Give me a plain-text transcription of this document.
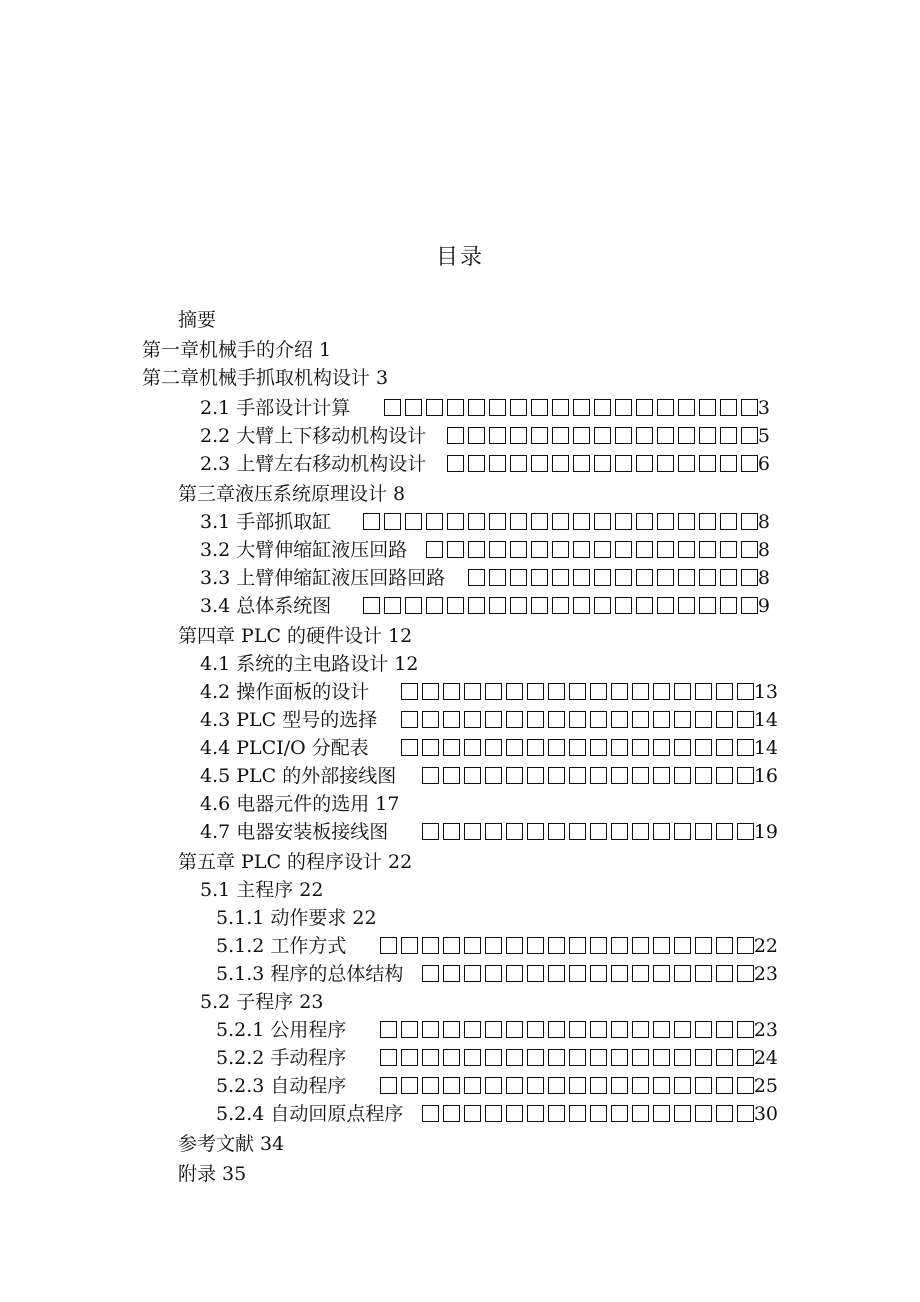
目录
摘要
第一章机械手的介绍 1
第二章机械手抓取机构设计 3
2.1 手部设计计算	3
2.2 大臂上下移动机构设计	5
2.3 上臂左右移动机构设计	6
第三章液压系统原理设计 8
3.1 手部抓取缸	8
3.2 大臂伸缩缸液压回路	8
3.3 上臂伸缩缸液压回路回路	8
3.4 总体系统图	9
第四章 PLC 的硬件设计 12
4.1 系统的主电路设计 12
4.2 操作面板的设计	13
4.3 PLC 型号的选择	14
4.4 PLCI/O 分配表	14
4.5 PLC 的外部接线图	16
4.6 电器元件的选用 17
4.7 电器安装板接线图	19
第五章 PLC 的程序设计 22
5.1 主程序 22
5.1.1 动作要求 22
5.1.2 工作方式	22
5.1.3 程序的总体结构	23
5.2 子程序 23
5.2.1 公用程序	23
5.2.2 手动程序	24
5.2.3 自动程序	25
5.2.4 自动回原点程序	30
参考文献 34
附录 35
